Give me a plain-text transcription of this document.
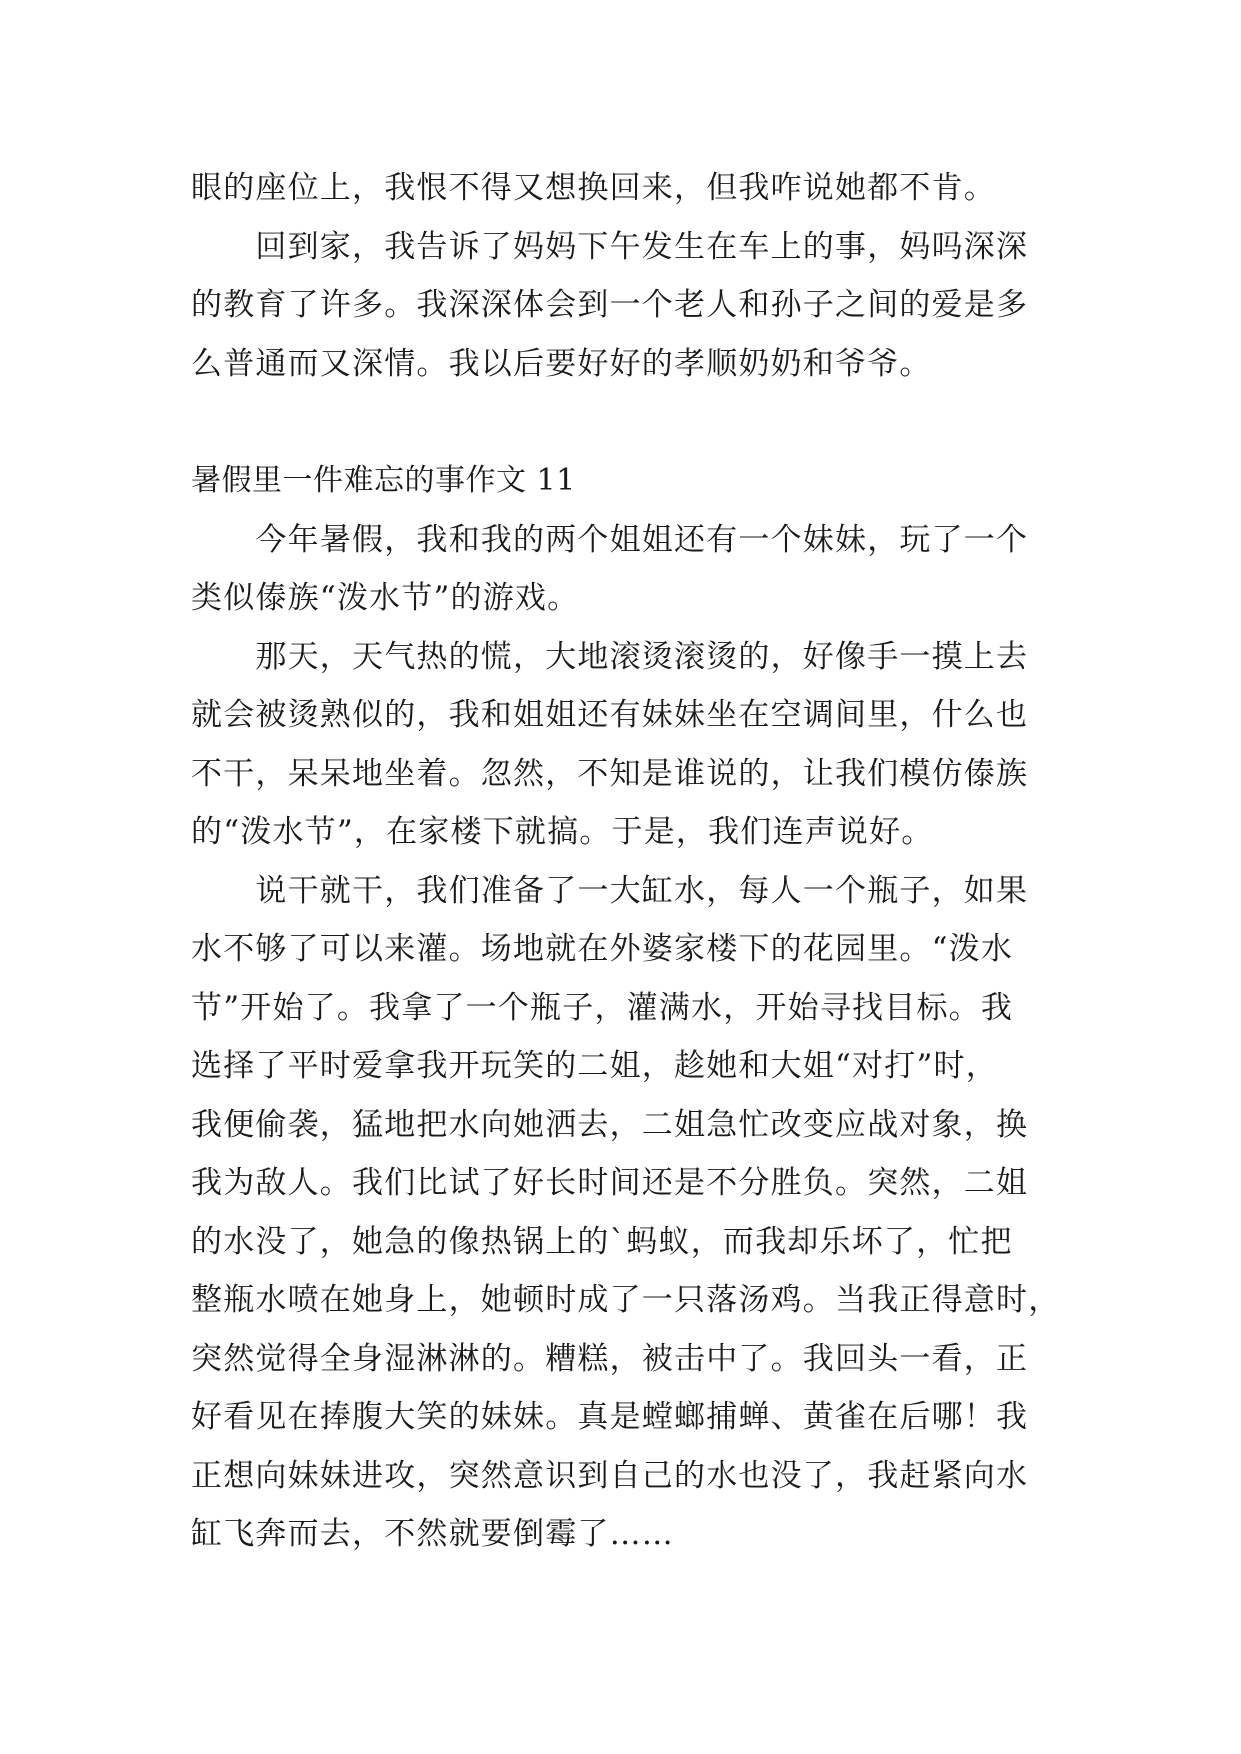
眼的座位上，我恨不得又想换回来，但我咋说她都不肯。
　　回到家，我告诉了妈妈下午发生在车上的事，妈吗深深
的教育了许多。我深深体会到一个老人和孙子之间的爱是多
么普通而又深情。我以后要好好的孝顺奶奶和爷爷。
暑假里一件难忘的事作文 11
　　今年暑假，我和我的两个姐姐还有一个妹妹，玩了一个
类似傣族“泼水节”的游戏。
　　那天，天气热的慌，大地滚烫滚烫的，好像手一摸上去
就会被烫熟似的，我和姐姐还有妹妹坐在空调间里，什么也
不干，呆呆地坐着。忽然，不知是谁说的，让我们模仿傣族
的“泼水节”，在家楼下就搞。于是，我们连声说好。
　　说干就干，我们准备了一大缸水，每人一个瓶子，如果
水不够了可以来灌。场地就在外婆家楼下的花园里。“泼水
节”开始了。我拿了一个瓶子，灌满水，开始寻找目标。我
选择了平时爱拿我开玩笑的二姐，趁她和大姐“对打”时，
我便偷袭，猛地把水向她洒去，二姐急忙改变应战对象，换
我为敌人。我们比试了好长时间还是不分胜负。突然，二姐
的水没了，她急的像热锅上的`蚂蚁，而我却乐坏了，忙把
整瓶水喷在她身上，她顿时成了一只落汤鸡。当我正得意时，
突然觉得全身湿淋淋的。糟糕，被击中了。我回头一看，正
好看见在捧腹大笑的妹妹。真是螳螂捕蝉、黄雀在后哪！我
正想向妹妹进攻，突然意识到自己的水也没了，我赶紧向水
缸飞奔而去，不然就要倒霉了……
